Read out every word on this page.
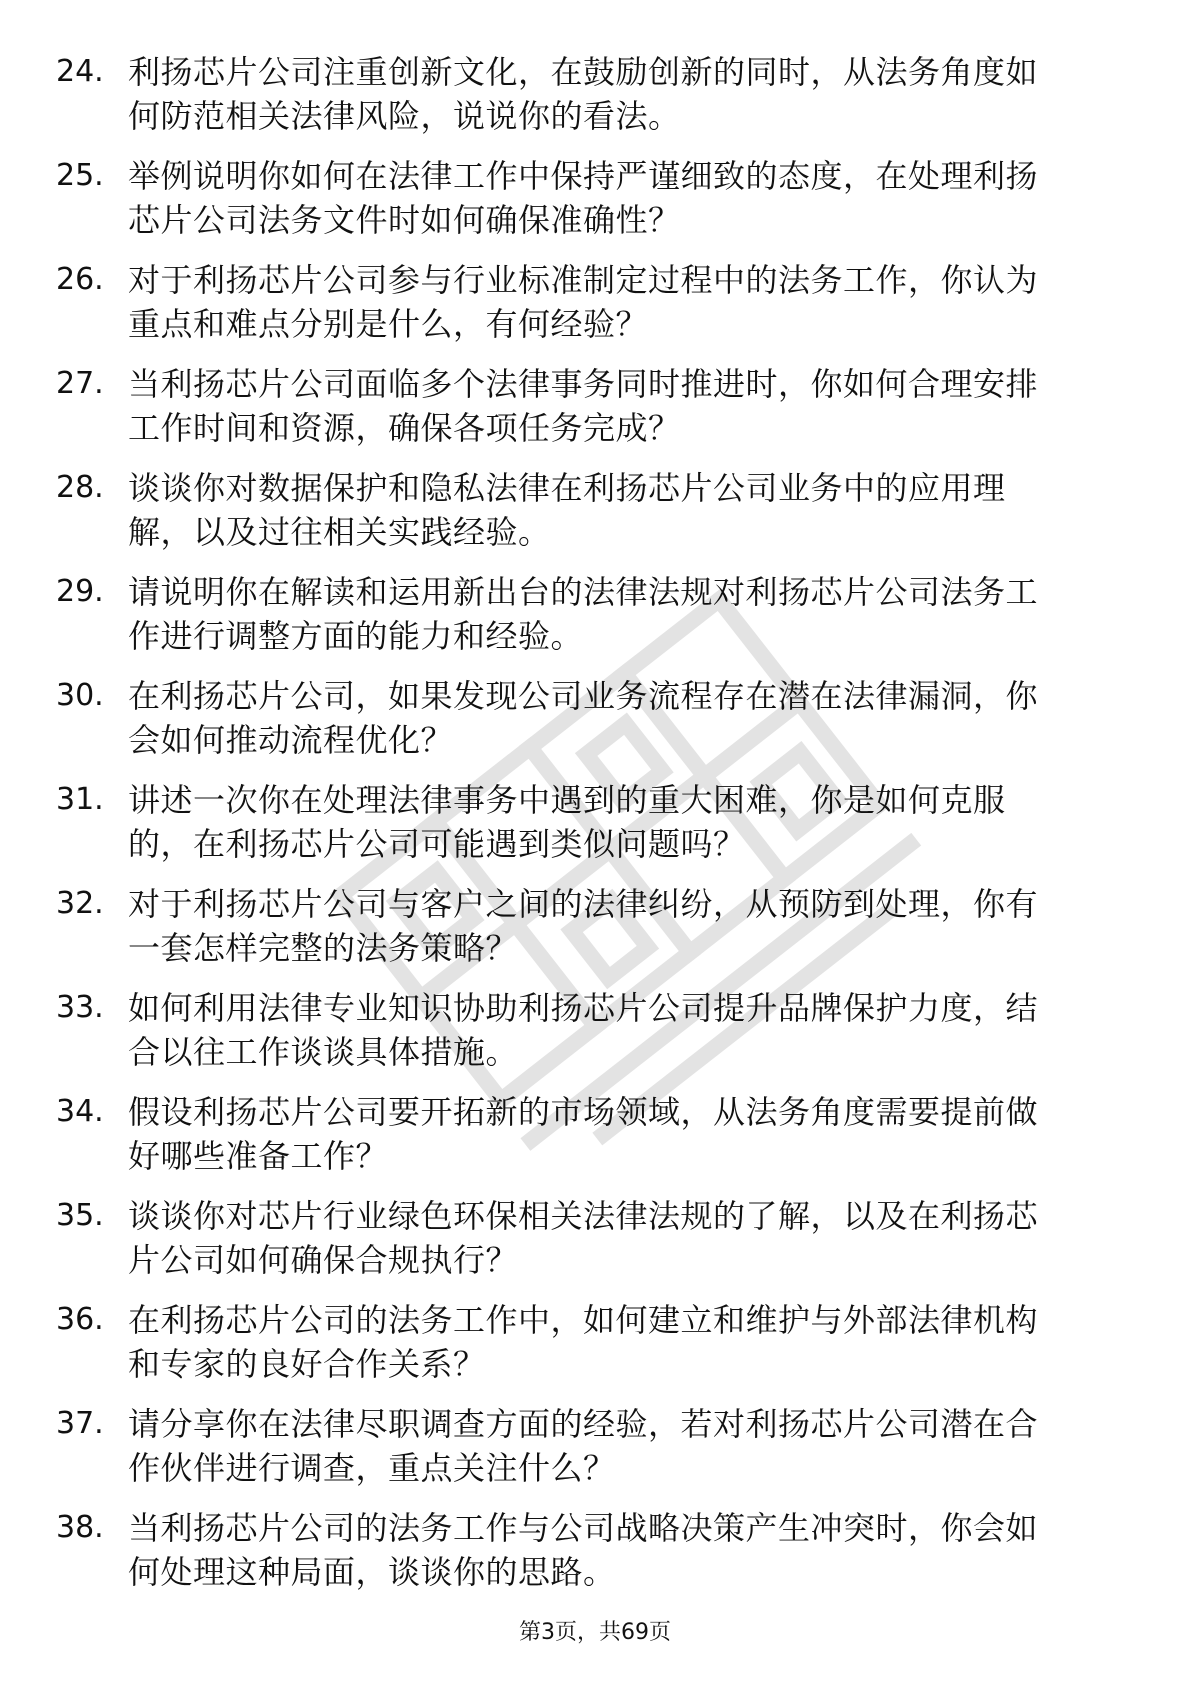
24. 利扬芯片公司注重创新文化，在鼓励创新的同时，从法务角度如
何防范相关法律风险，说说你的看法。
25. 举例说明你如何在法律工作中保持严谨细致的态度，在处理利扬
芯片公司法务文件时如何确保准确性？
26. 对于利扬芯片公司参与行业标准制定过程中的法务工作，你认为
重点和难点分别是什么，有何经验？
27. 当利扬芯片公司面临多个法律事务同时推进时，你如何合理安排
工作时间和资源，确保各项任务完成？
28. 谈谈你对数据保护和隐私法律在利扬芯片公司业务中的应用理
解，以及过往相关实践经验。
29. 请说明你在解读和运用新出台的法律法规对利扬芯片公司法务工
作进行调整方面的能力和经验。
30. 在利扬芯片公司，如果发现公司业务流程存在潜在法律漏洞，你
会如何推动流程优化？
31. 讲述一次你在处理法律事务中遇到的重大困难，你是如何克服
的，在利扬芯片公司可能遇到类似问题吗？
32. 对于利扬芯片公司与客户之间的法律纠纷，从预防到处理，你有
一套怎样完整的法务策略？
33. 如何利用法律专业知识协助利扬芯片公司提升品牌保护力度，结
合以往工作谈谈具体措施。
34. 假设利扬芯片公司要开拓新的市场领域，从法务角度需要提前做
好哪些准备工作？
35. 谈谈你对芯片行业绿色环保相关法律法规的了解，以及在利扬芯
片公司如何确保合规执行？
36. 在利扬芯片公司的法务工作中，如何建立和维护与外部法律机构
和专家的良好合作关系？
37. 请分享你在法律尽职调查方面的经验，若对利扬芯片公司潜在合
作伙伴进行调查，重点关注什么？
38. 当利扬芯片公司的法务工作与公司战略决策产生冲突时，你会如
何处理这种局面，谈谈你的思路。
第3页，共69页
